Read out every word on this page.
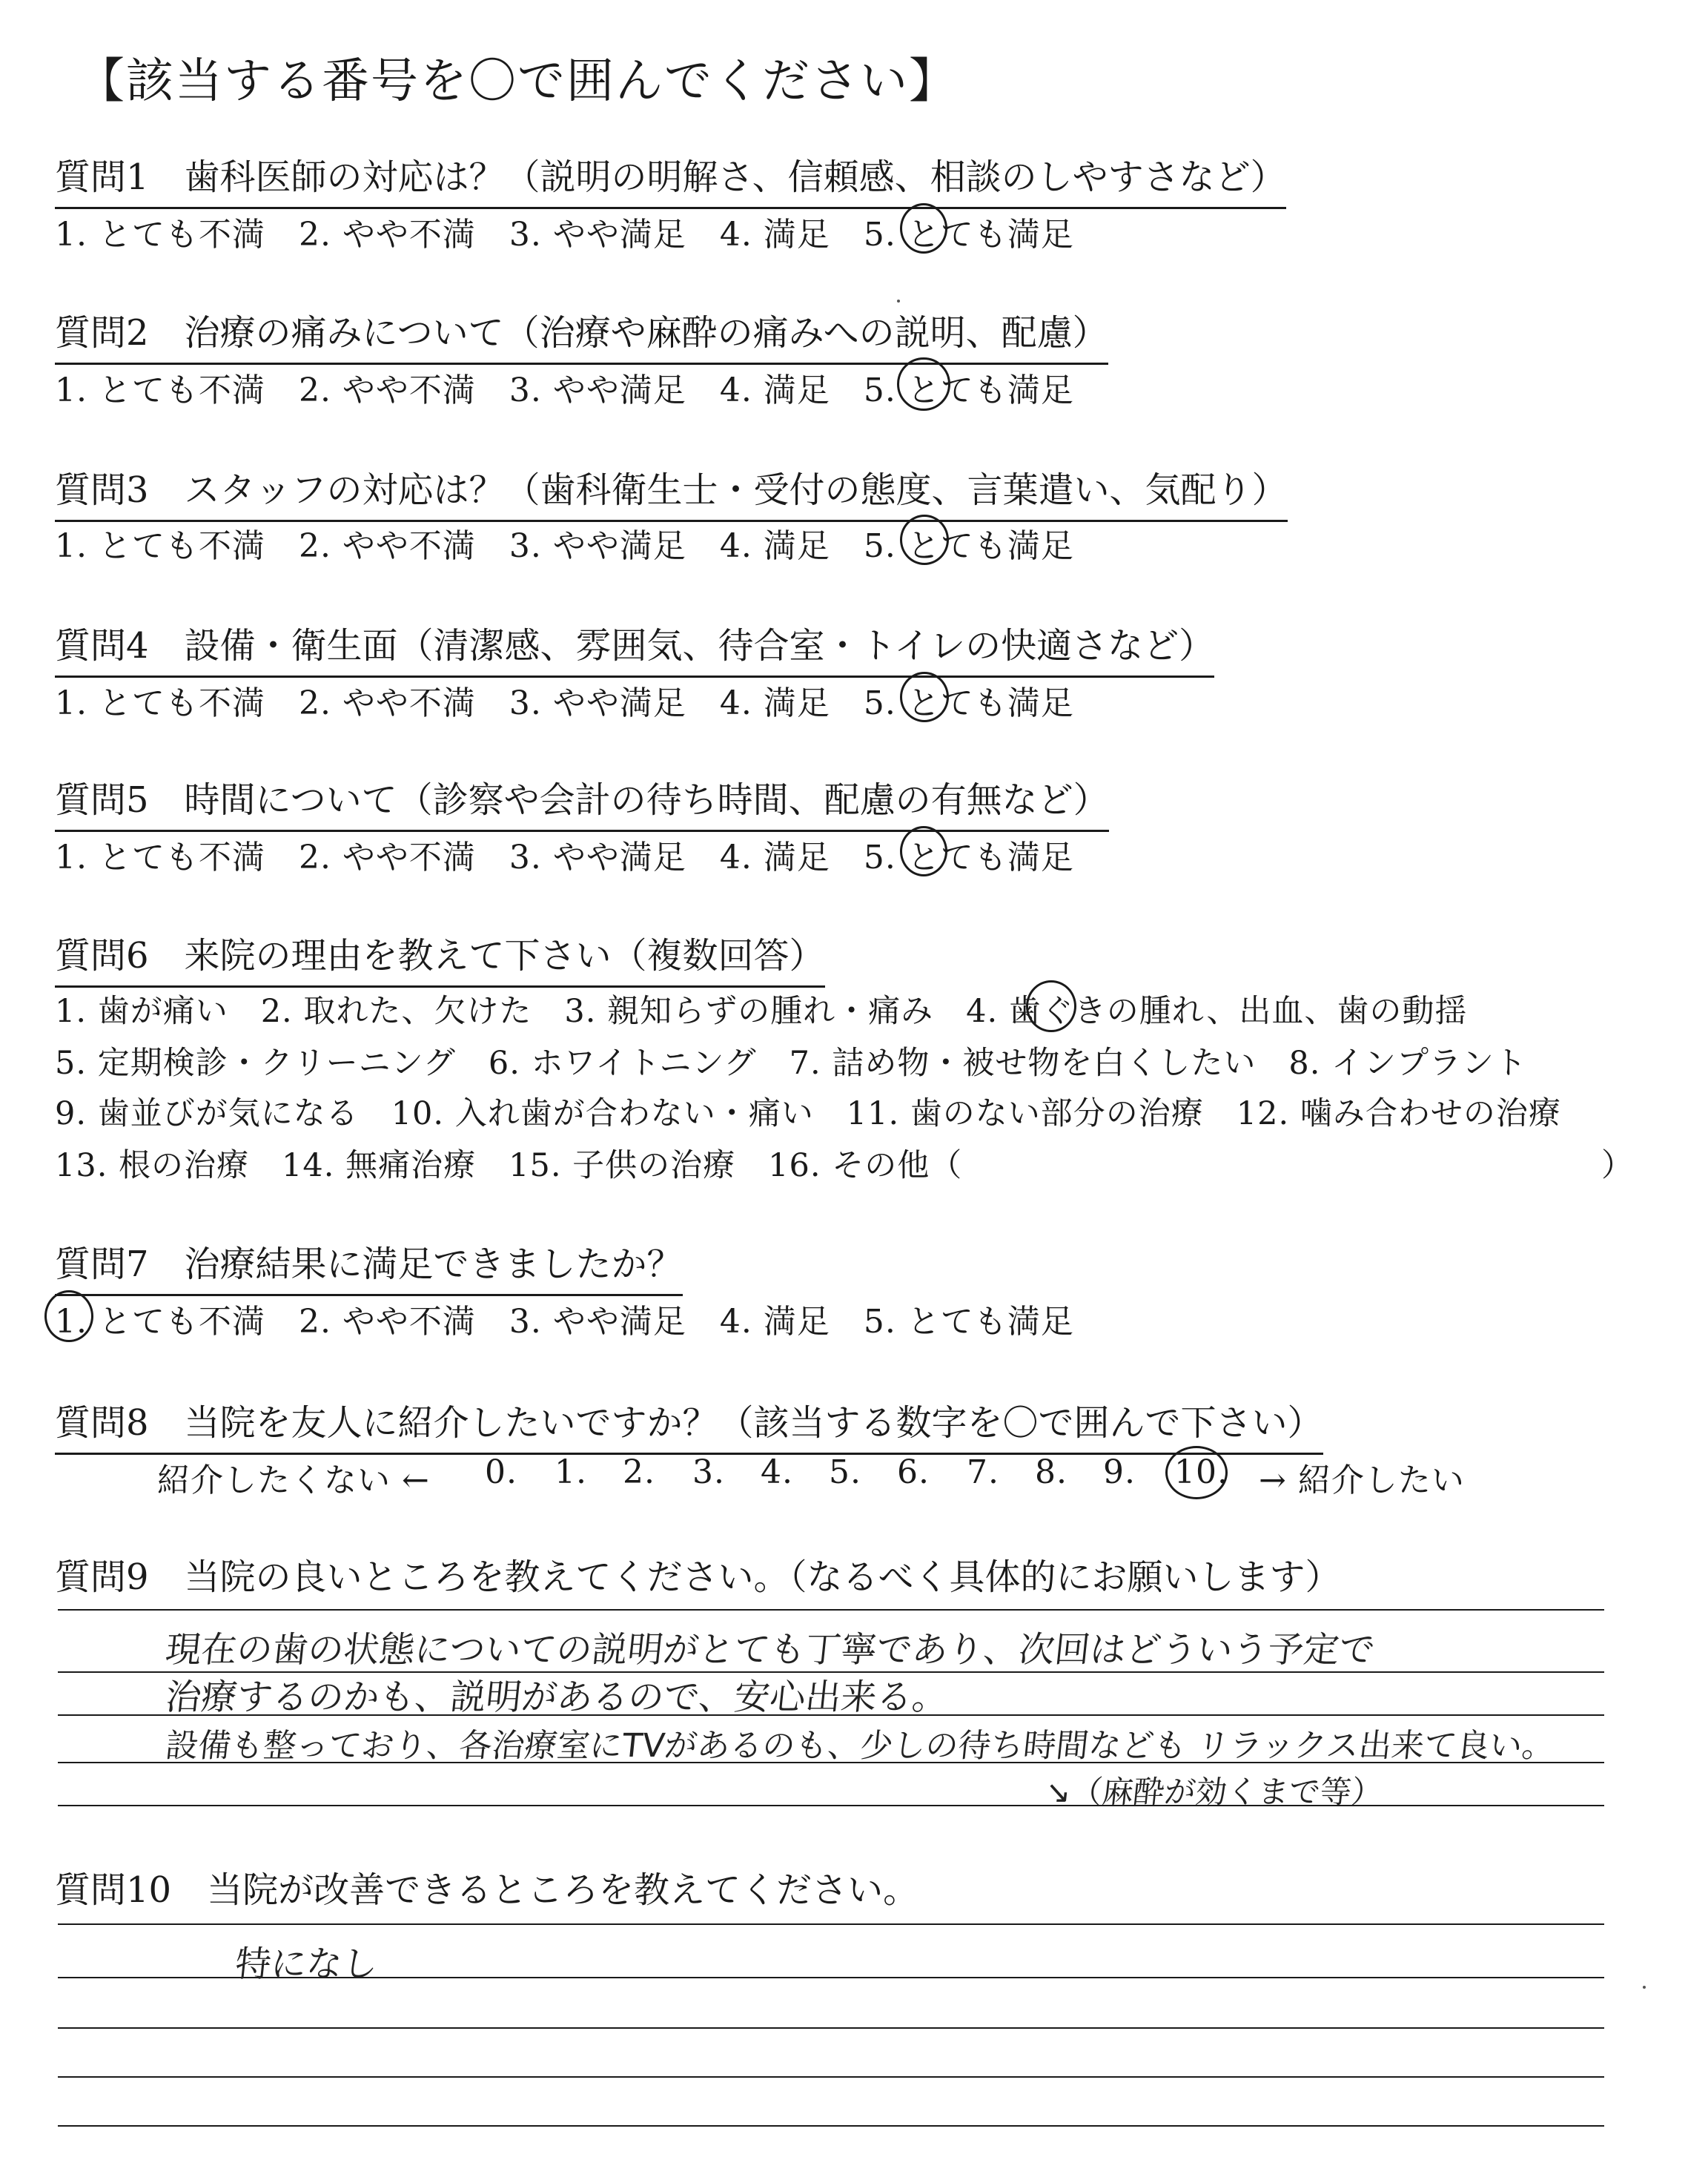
【該当する番号を〇で囲んでください】
質問1　歯科医師の対応は？（説明の明解さ、信頼感、相談のしやすさなど）
1. とても不満　2. やや不満　3. やや満足　4. 満足　5. とても満足
質問2　治療の痛みについて（治療や麻酔の痛みへの説明、配慮）
1. とても不満　2. やや不満　3. やや満足　4. 満足　5. とても満足
質問3　スタッフの対応は？（歯科衛生士・受付の態度、言葉遣い、気配り）
1. とても不満　2. やや不満　3. やや満足　4. 満足　5. とても満足
質問4　設備・衛生面（清潔感、雰囲気、待合室・トイレの快適さなど）
1. とても不満　2. やや不満　3. やや満足　4. 満足　5. とても満足
質問5　時間について（診察や会計の待ち時間、配慮の有無など）
1. とても不満　2. やや不満　3. やや満足　4. 満足　5. とても満足
質問6　来院の理由を教えて下さい（複数回答）
1. 歯が痛い　2. 取れた、欠けた　3. 親知らずの腫れ・痛み　4. 歯ぐきの腫れ、出血、歯の動揺
5. 定期検診・クリーニング　6. ホワイトニング　7. 詰め物・被せ物を白くしたい　8. インプラント
9. 歯並びが気になる　10. 入れ歯が合わない・痛い　11. 歯のない部分の治療　12. 噛み合わせの治療
13. 根の治療　14. 無痛治療　15. 子供の治療　16. その他（	）
質問7　治療結果に満足できましたか？
1. とても不満　2. やや不満　3. やや満足　4. 満足　5. とても満足
質問8　当院を友人に紹介したいですか？（該当する数字を〇で囲んで下さい）
紹介したくない ← 0. 1. 2. 3. 4. 5. 6. 7. 8. 9. 10. → 紹介したい
質問9　当院の良いところを教えてください。（なるべく具体的にお願いします）
現在の歯の状態についての説明がとても丁寧であり、次回はどういう予定で
治療するのかも、説明があるので、安心出来る。
設備も整っており、各治療室にTVがあるのも、少しの待ち時間なども リラックス出来て良い。
↘（麻酔が効くまで等）
質問10　当院が改善できるところを教えてください。
特になし
